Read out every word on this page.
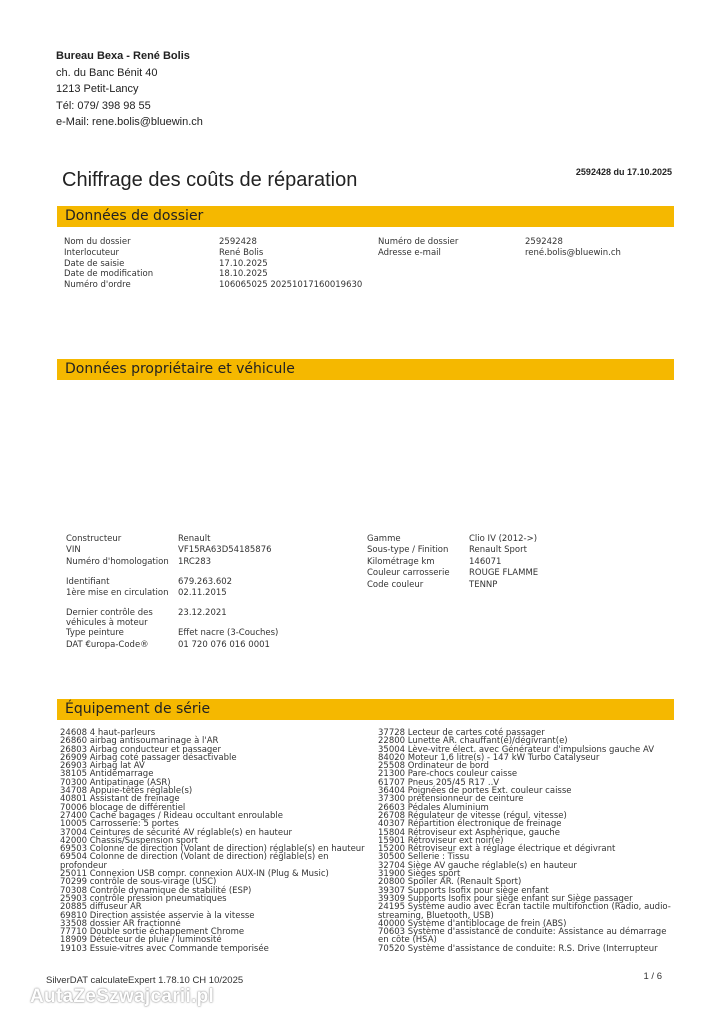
Bureau Bexa - René Bolis
ch. du Banc Bénit 40
1213 Petit-Lancy
Tél: 079/ 398 98 55
e-Mail: rene.bolis@bluewin.ch
Chiffrage des coûts de réparation	2592428 du 17.10.2025
Données de dossier
Nom du dossier	2592428
Interlocuteur	René Bolis
Date de saisie	17.10.2025
Date de modification	18.10.2025
Numéro d'ordre	106065025 20251017160019630
Numéro de dossier	2592428
Adresse e-mail	rené.bolis@bluewin.ch
Données propriétaire et véhicule
Constructeur	Renault
VIN	VF15RA63D54185876
Numéro d'homologation	1RC283
Identifiant	679.263.602
1ère mise en circulation	02.11.2015
Dernier contrôle des véhicules à moteur
23.12.2021
Type peinture	Effet nacre (3-Couches)
DAT €uropa-Code®	01 720 076 016 0001
Gamme	Clio IV (2012->)
Sous-type / Finition	Renault Sport
Kilométrage km	146071
Couleur carrosserie	ROUGE FLAMME
Code couleur	TENNP
Équipement de série
24608 4 haut-parleurs
26860 airbag antisoumarinage à l'AR
26803 Airbag conducteur et passager
26909 Airbag coté passager désactivable
26903 Airbag lat AV
38105 Antidémarrage
70300 Antipatinage (ASR)
34708 Appuie-têtes réglable(s)
40801 Assistant de freinage
70006 blocage de différentiel
27400 Cache bagages / Rideau occultant enroulable
10005 Carrosserie: 5 portes
37004 Ceintures de sécurité AV réglable(s) en hauteur
42000 Chassis/Suspension sport
69503 Colonne de direction (Volant de direction) réglable(s) en hauteur
69504 Colonne de direction (Volant de direction) réglable(s) en profondeur
25011 Connexion USB compr. connexion AUX-IN (Plug & Music)
70299 contrôle de sous-virage (USC)
70308 Contrôle dynamique de stabilité (ESP)
25903 contrôle pression pneumatiques
20885 diffuseur AR
69810 Direction assistée asservie à la vitesse
33508 dossier AR fractionné
77710 Double sortie échappement Chrome
18909 Détecteur de pluie / luminosité
19103 Essuie-vitres avec Commande temporisée
37728 Lecteur de cartes coté passager
22800 Lunette AR. chauffant(é)/dégivrant(e)
35004 Lève-vitre élect. avec Générateur d'impulsions gauche AV
84020 Moteur 1,6 litre(s) - 147 kW Turbo Catalyseur
25508 Ordinateur de bord
21300 Pare-chocs couleur caisse
61707 Pneus 205/45 R17 ..V
36404 Poignées de portes Ext. couleur caisse
37300 prétensionneur de ceinture
26603 Pédales Aluminium
26708 Régulateur de vitesse (régul. vitesse)
40307 Répartition électronique de freinage
15804 Rétroviseur ext Asphérique, gauche
15901 Rétroviseur ext noir(e)
15200 Rétroviseur ext à réglage électrique et dégivrant
30500 Sellerie : Tissu
32704 Siège AV gauche réglable(s) en hauteur
31900 Sièges sport
20800 Spoiler AR. (Renault Sport)
39307 Supports Isofix pour siège enfant
39309 Supports Isofix pour siège enfant sur Siège passager
24195 Système audio avec Écran tactile multifonction (Radio, audio-streaming, Bluetooth, USB)
40000 Système d'antiblocage de frein (ABS)
70603 Système d'assistance de conduite: Assistance au démarrage en côte (HSA)
70520 Système d'assistance de conduite: R.S. Drive (Interrupteur
SilverDAT calculateExpert 1.78.10 CH 10/2025	1 / 6
AutaZeSzwajcarii.pl
